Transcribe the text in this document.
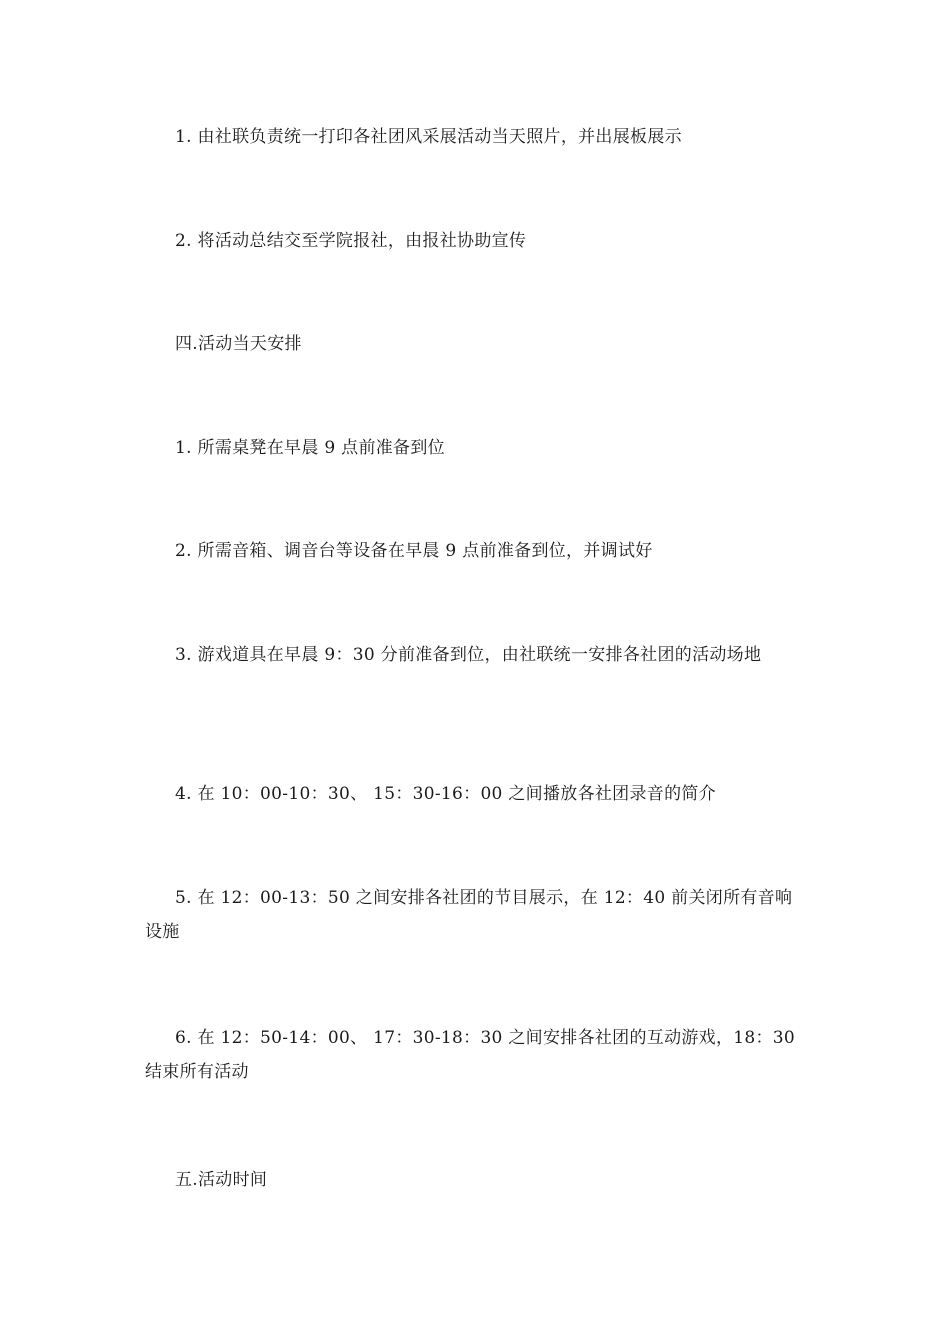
1. 由社联负责统一打印各社团风采展活动当天照片，并出展板展示

2. 将活动总结交至学院报社，由报社协助宣传

四.活动当天安排

1. 所需桌凳在早晨 9 点前准备到位

2. 所需音箱、调音台等设备在早晨 9 点前准备到位，并调试好

3. 游戏道具在早晨 9：30 分前准备到位，由社联统一安排各社团的活动场地

4. 在 10：00-10：30、 15：30-16：00 之间播放各社团录音的简介

5. 在 12：00-13：50 之间安排各社团的节目展示，在 12：40 前关闭所有音响设施

6. 在 12：50-14：00、 17：30-18：30 之间安排各社团的互动游戏，18：30 结束所有活动

五.活动时间
